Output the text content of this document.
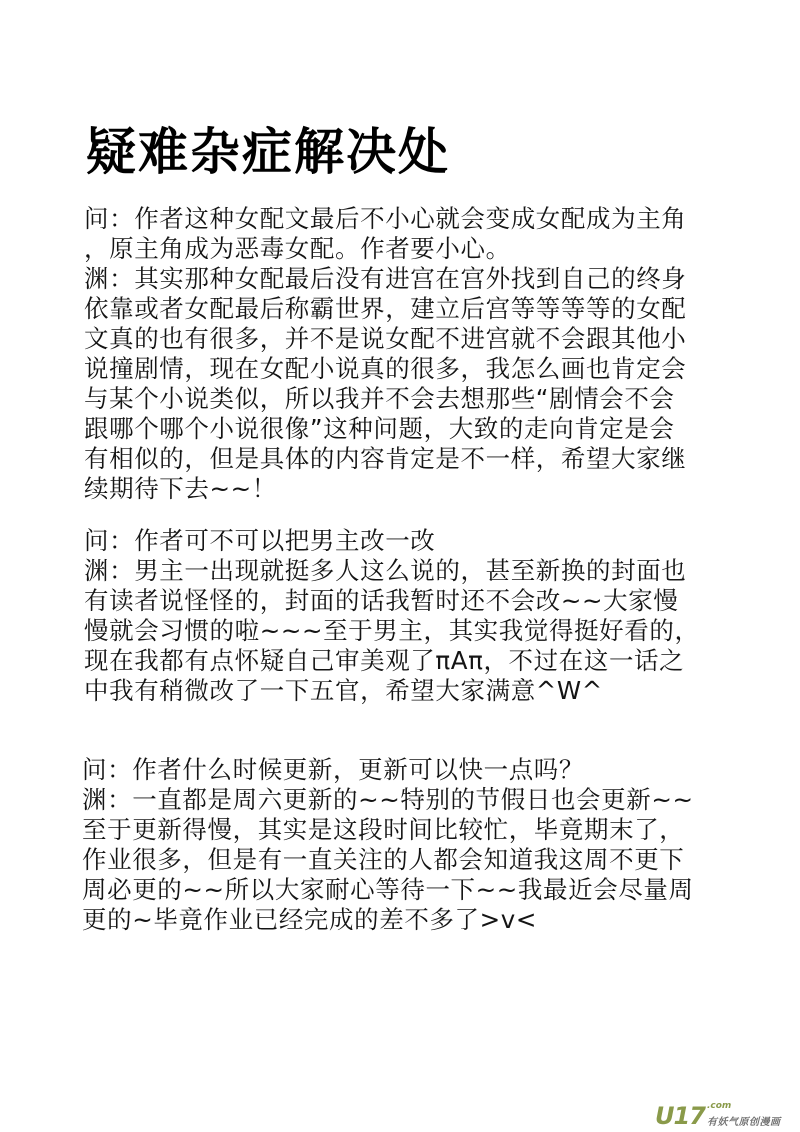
疑难杂症解决处
问：作者这种女配文最后不小心就会变成女配成为主角
，原主角成为恶毒女配。作者要小心。
渊：其实那种女配最后没有进宫在宫外找到自己的终身
依靠或者女配最后称霸世界，建立后宫等等等等的女配
文真的也有很多，并不是说女配不进宫就不会跟其他小
说撞剧情，现在女配小说真的很多，我怎么画也肯定会
与某个小说类似，所以我并不会去想那些“剧情会不会
跟哪个哪个小说很像”这种问题，大致的走向肯定是会
有相似的，但是具体的内容肯定是不一样，希望大家继
续期待下去~~！
问：作者可不可以把男主改一改
渊：男主一出现就挺多人这么说的，甚至新换的封面也
有读者说怪怪的，封面的话我暂时还不会改~~大家慢
慢就会习惯的啦~~~至于男主，其实我觉得挺好看的，
现在我都有点怀疑自己审美观了πAπ，不过在这一话之
中我有稍微改了一下五官，希望大家满意^W^
问：作者什么时候更新，更新可以快一点吗？
渊：一直都是周六更新的~~特别的节假日也会更新~~
至于更新得慢，其实是这段时间比较忙，毕竟期末了，
作业很多，但是有一直关注的人都会知道我这周不更下
周必更的~~所以大家耐心等待一下~~我最近会尽量周
更的~毕竟作业已经完成的差不多了>v<
U17 .com
有妖气原创漫画
